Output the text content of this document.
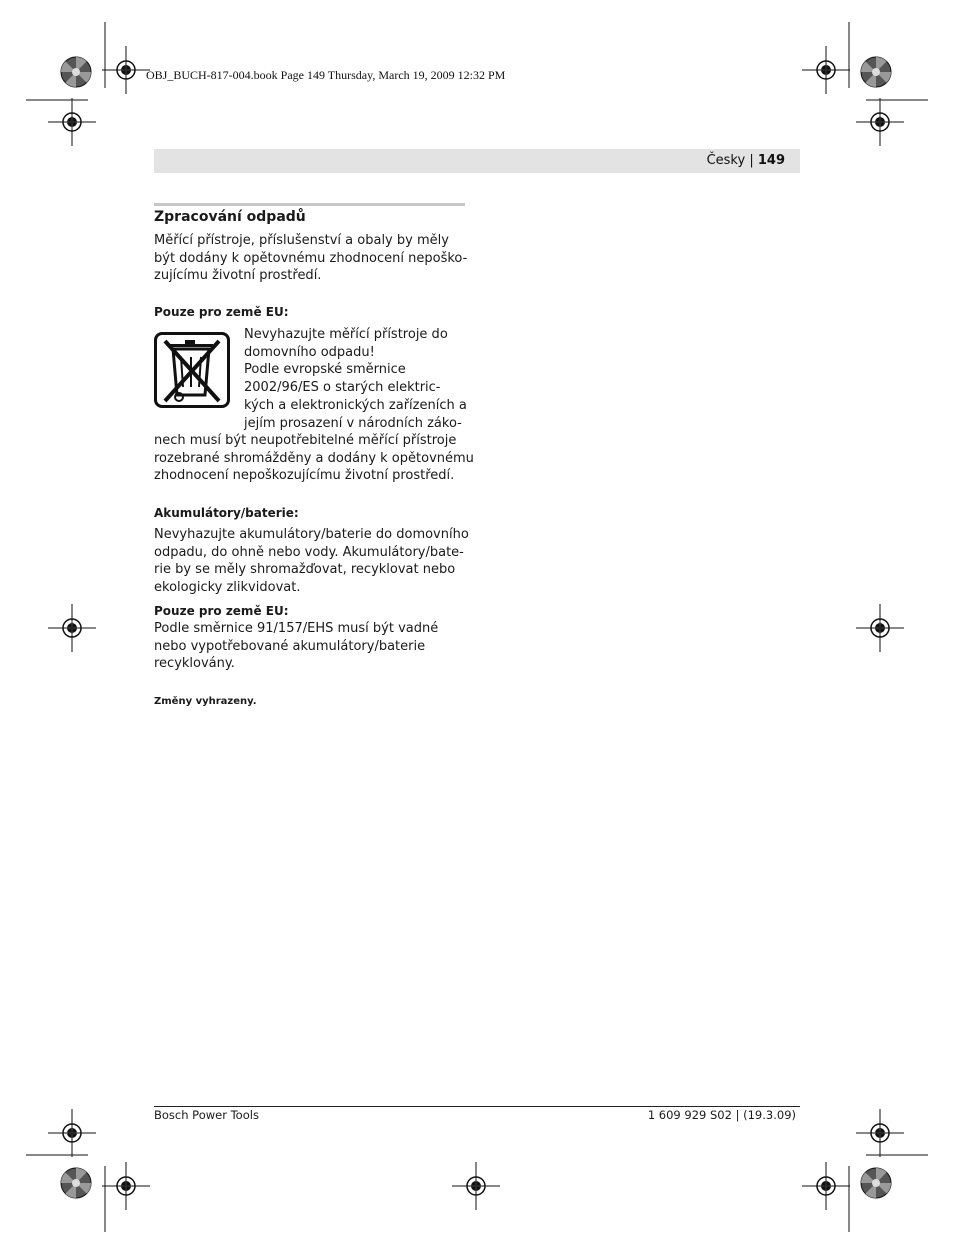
OBJ_BUCH-817-004.book Page 149 Thursday, March 19, 2009 12:32 PM
Česky | 149
Zpracování odpadů
Měřící přístroje, příslušenství a obaly by měly
být dodány k opětovnému zhodnocení nepoško-
zujícímu životní prostředí.
Pouze pro země EU:
Nevyhazujte měřící přístroje do
domovního odpadu!
Podle evropské směrnice
2002/96/ES o starých elektric-
kých a elektronických zařízeních a
jejím prosazení v národních záko-
nech musí být neupotřebitelné měřící přístroje
rozebrané shromážděny a dodány k opětovnému
zhodnocení nepoškozujícímu životní prostředí.
Akumulátory/baterie:
Nevyhazujte akumulátory/baterie do domovního
odpadu, do ohně nebo vody. Akumulátory/bate-
rie by se měly shromažďovat, recyklovat nebo
ekologicky zlikvidovat.
Pouze pro země EU:
Podle směrnice 91/157/EHS musí být vadné
nebo vypotřebované akumulátory/baterie
recyklovány.
Změny vyhrazeny.
Bosch Power Tools	1 609 929 S02 | (19.3.09)
